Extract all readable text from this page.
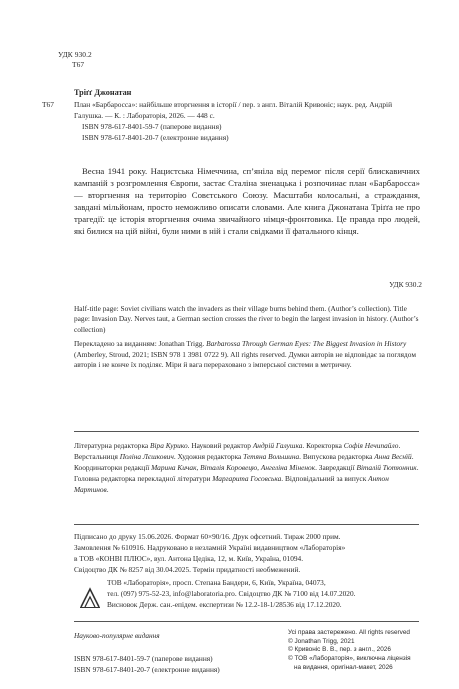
УДК 930.2
Т67
Тріґґ Джонатан
Т67	План «Барбаросса»: найбільше вторгнення в історії / пер. з англ. Віталій Кривоніс; наук. ред. Андрій Галушка. — К. : Лабораторія, 2026. — 448 с.
ISBN 978-617-8401-59-7 (паперове видання)
ISBN 978-617-8401-20-7 (електронне видання)
Весна 1941 року. Нацистська Німеччина, сп’яніла від перемог після серії блискавичних кампаній з розгромлення Європи, застає Сталіна зненацька і розпочинає план «Барбаросса» — вторгнення на територію Совєтського Союзу. Масштаби колосальні, а страждання, завдані мільйонам, просто неможливо описати словами. Але книга Джонатана Тріґґа не про трагедії: це історія вторгнення очима звичайного німця-фронтовика. Це правда про людей, які билися на цій війні, були ними в ній і стали свідками її фатального кінця.
УДК 930.2

Half-title page: Soviet civilians watch the invaders as their village burns behind them. (Author’s collection). Title page: Invasion Day. Nerves taut, a German section crosses the river to begin the largest invasion in history. (Author’s collection)

Перекладено за виданням: Jonathan Trigg. Barbarossa Through German Eyes: The Biggest Invasion in History (Amberley, Stroud, 2021; ISBN 978 1 3981 0722 9). All rights reserved. Думки авторів не відповідає за поглядом авторів і не конче їх поділяє. Міри й вага перераховано з імперської системи в метричну.

Літературна редакторка Віра Курико. Науковий редактор Андрій Галушка. Коректорка Софія Нечипайло. Верстальниця Поліна Лєшкович. Художня редакторка Тетяна Вольшина. Випускова редакторка Анна Веснїй. Координаторки редакції Марина Кичак, Віталія Коровецю, Ангеліна Міненок. Завредакції Віталій Тютюнник. Головна редакторка перекладної літератури Маргарита Госовська. Відповідальний за випуск Антон Мартинов.
Підписано до друку 15.06.2026. Формат 60×90/16. Друк офсетний. Тираж 2000 прим.
Замовлення № 610916. Надруковано в незламній Україні видавництвом «Лабораторія»
в ТОВ «КОНВІ ПЛЮС», вул. Антона Цедіка, 12, м. Київ, Україна, 01094.
Свідоцтво ДК № 8257 від 30.04.2025. Термін придатності необмежений.
ТОВ «Лабораторія», просп. Степана Бандери, 6, Київ, Україна, 04073,
тел. (097) 975-52-23, info@laboratoria.pro. Свідоцтво ДК № 7100 від 14.07.2020.
Висновок Держ. сан.-епідем. експертизи № 12.2-18-1/28536 від 17.12.2020.
Науково-популярне видання
ISBN 978-617-8401-59-7 (паперове видання)
ISBN 978-617-8401-20-7 (електронне видання)
Усі права застережено. All rights reserved
© Jonathan Trigg, 2021
© Кривоніс В. В., пер. з англ., 2026
© ТОВ «Лабораторія», виключна ліцензія
на видання, оригінал-макет, 2026
